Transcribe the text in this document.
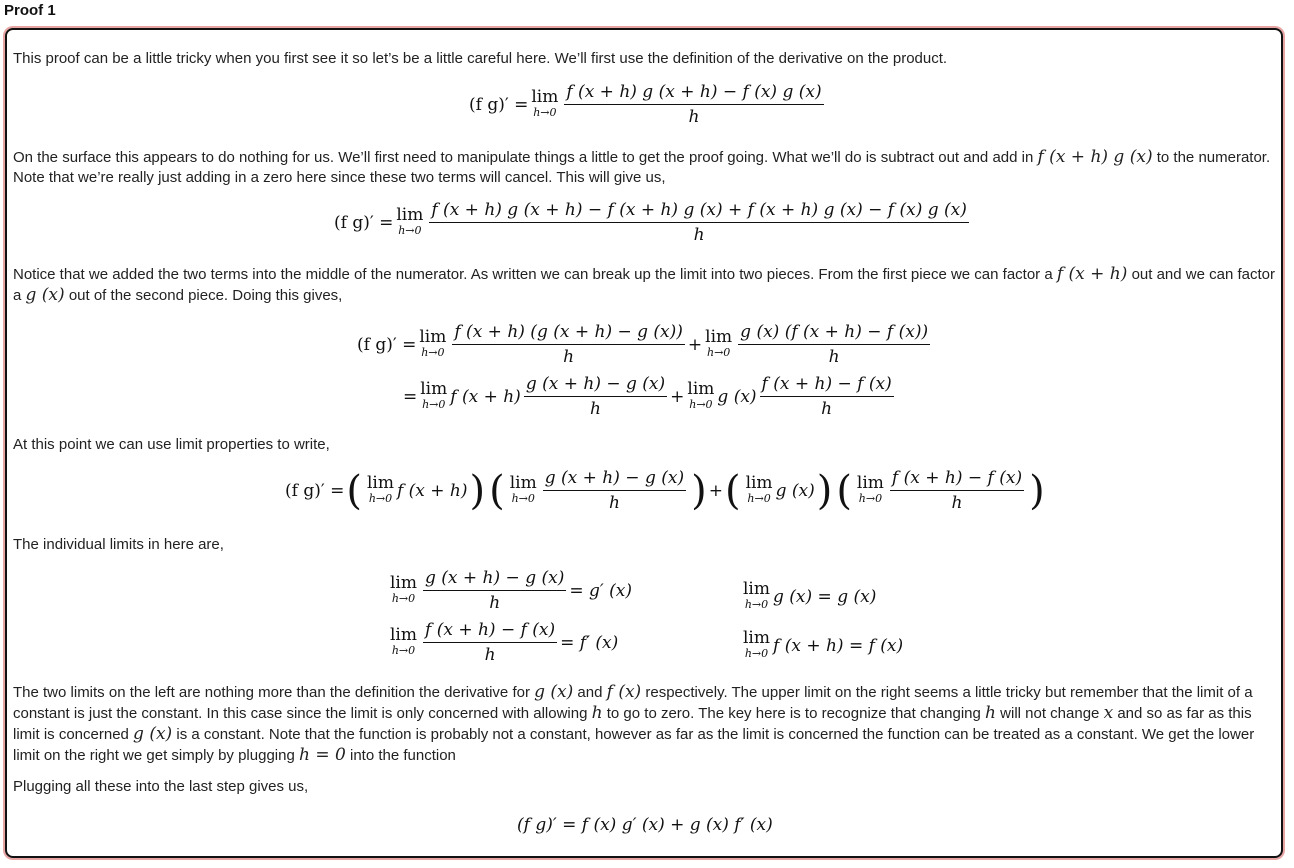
Proof 1
This proof can be a little tricky when you first see it so let’s be a little careful here. We’ll first use the definition of the derivative on the product.
(f g)′ = lim
$h\to 0 \frac{f (x + h) g (x + h) - f (x) g (x)}{h}$
On the surface this appears to do nothing for us. We’ll first need to manipulate things a little to get the proof going. What we’ll do is subtract out and add in f (x + h) g (x) to the numerator. Note that we’re really just adding in a zero here since these two terms will cancel. This will give us,
(f g)′ = lim
h→0
f (x + h) g (x + h) − f (x + h) g (x) + f (x + h) g (x) − f (x) g (x)
h
Notice that we added the two terms into the middle of the numerator. As written we can break up the limit into two pieces. From the first piece we can factor a f (x + h) out and we can factor a g (x) out of the second piece. Doing this gives,
(f g)′ = lim
$h\to 0 \frac{f (x + h) (g (x + h) - g (x))}{h} + \lim$
$h\to 0 \frac{g (x) (f (x + h) - f (x))}{h}$
= lim
h→0 f $(x + h) \frac{g (x + h) - g (x)}{h} + \lim$
h→0 g $(x) \frac{f (x + h) - f (x)}{h}$
At this point we can use limit properties to write,
(f g)′ = ( lim
h→0 f (x + h) ) ( lim
$h\to 0 \frac{g (x + h) - g (x)}{h}$ ) + ( lim
h→0 g (x) ) ( lim
$h\to 0 \frac{f (x + h) - f (x)}{h}$ )
The individual limits in here are,
lim
$h\to 0 \frac{g (x + h) - g (x)}{h} = g'$ (x)
lim
$h\to 0 \frac{f (x + h) - f (x)}{h} = f'$ (x)
lim
h→0 g (x) = g (x)
lim
h→0 f (x + h) = f (x)
The two limits on the left are nothing more than the definition the derivative for g (x) and f (x) respectively. The upper limit on the right seems a little tricky but remember that the limit of a constant is just the constant. In this case since the limit is only concerned with allowing h to go to zero. The key here is to recognize that changing h will not change x and so as far as this limit is concerned g (x) is a constant. Note that the function is probably not a constant, however as far as the limit is concerned the function can be treated as a constant. We get the lower limit on the right we get simply by plugging h = 0 into the function
Plugging all these into the last step gives us,
(f g)′ = f (x) g′ (x) + g (x) f′ (x)
